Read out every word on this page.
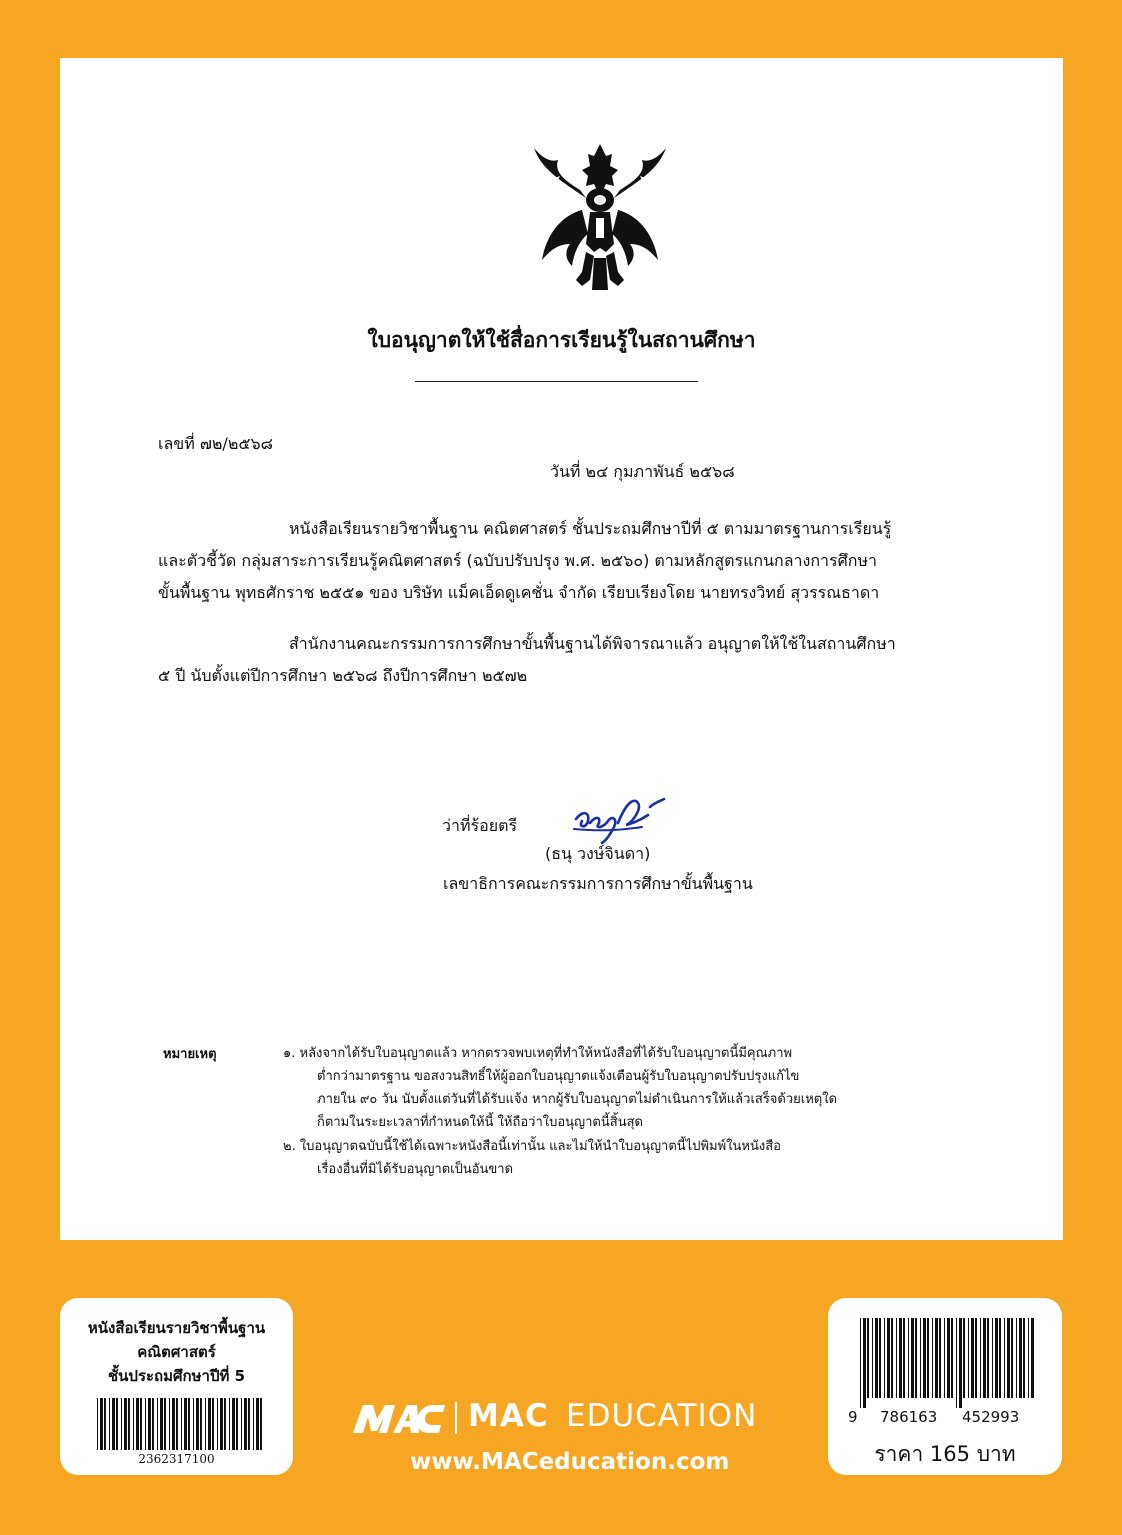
ใบอนุญาตให้ใช้สื่อการเรียนรู้ในสถานศึกษา
เลขที่ ๗๒/๒๕๖๘
วันที่ ๒๔ กุมภาพันธ์ ๒๕๖๘
หนังสือเรียนรายวิชาพื้นฐาน คณิตศาสตร์ ชั้นประถมศึกษาปีที่ ๕ ตามมาตรฐานการเรียนรู้
และตัวชี้วัด กลุ่มสาระการเรียนรู้คณิตศาสตร์ (ฉบับปรับปรุง พ.ศ. ๒๕๖๐) ตามหลักสูตรแกนกลางการศึกษา
ขั้นพื้นฐาน พุทธศักราช ๒๕๕๑ ของ บริษัท แม็คเอ็ดดูเคชั่น จำกัด เรียบเรียงโดย นายทรงวิทย์ สุวรรณธาดา
สำนักงานคณะกรรมการการศึกษาขั้นพื้นฐานได้พิจารณาแล้ว อนุญาตให้ใช้ในสถานศึกษา
๕ ปี นับตั้งแต่ปีการศึกษา ๒๕๖๘ ถึงปีการศึกษา ๒๕๗๒
ว่าที่ร้อยตรี
(ธนุ วงษ์จินดา)
เลขาธิการคณะกรรมการการศึกษาขั้นพื้นฐาน
หมายเหตุ	๑. หลังจากได้รับใบอนุญาตแล้ว หากตรวจพบเหตุที่ทำให้หนังสือที่ได้รับใบอนุญาตนี้มีคุณภาพ
ต่ำกว่ามาตรฐาน ขอสงวนสิทธิ์ให้ผู้ออกใบอนุญาตแจ้งเตือนผู้รับใบอนุญาตปรับปรุงแก้ไข
ภายใน ๙๐ วัน นับตั้งแต่วันที่ได้รับแจ้ง หากผู้รับใบอนุญาตไม่ดำเนินการให้แล้วเสร็จด้วยเหตุใด
ก็ตามในระยะเวลาที่กำหนดให้นี้ ให้ถือว่าใบอนุญาตนี้สิ้นสุด
๒. ใบอนุญาตฉบับนี้ใช้ได้เฉพาะหนังสือนี้เท่านั้น และไม่ให้นำใบอนุญาตนี้ไปพิมพ์ในหนังสือ
เรื่องอื่นที่มิได้รับอนุญาตเป็นอันขาด
หนังสือเรียนรายวิชาพื้นฐาน
คณิตศาสตร์
ชั้นประถมศึกษาปีที่ 5
2362317100
9 786163 452993
ราคา 165 บาท
MAC EDUCATION
www.MACeducation.com
